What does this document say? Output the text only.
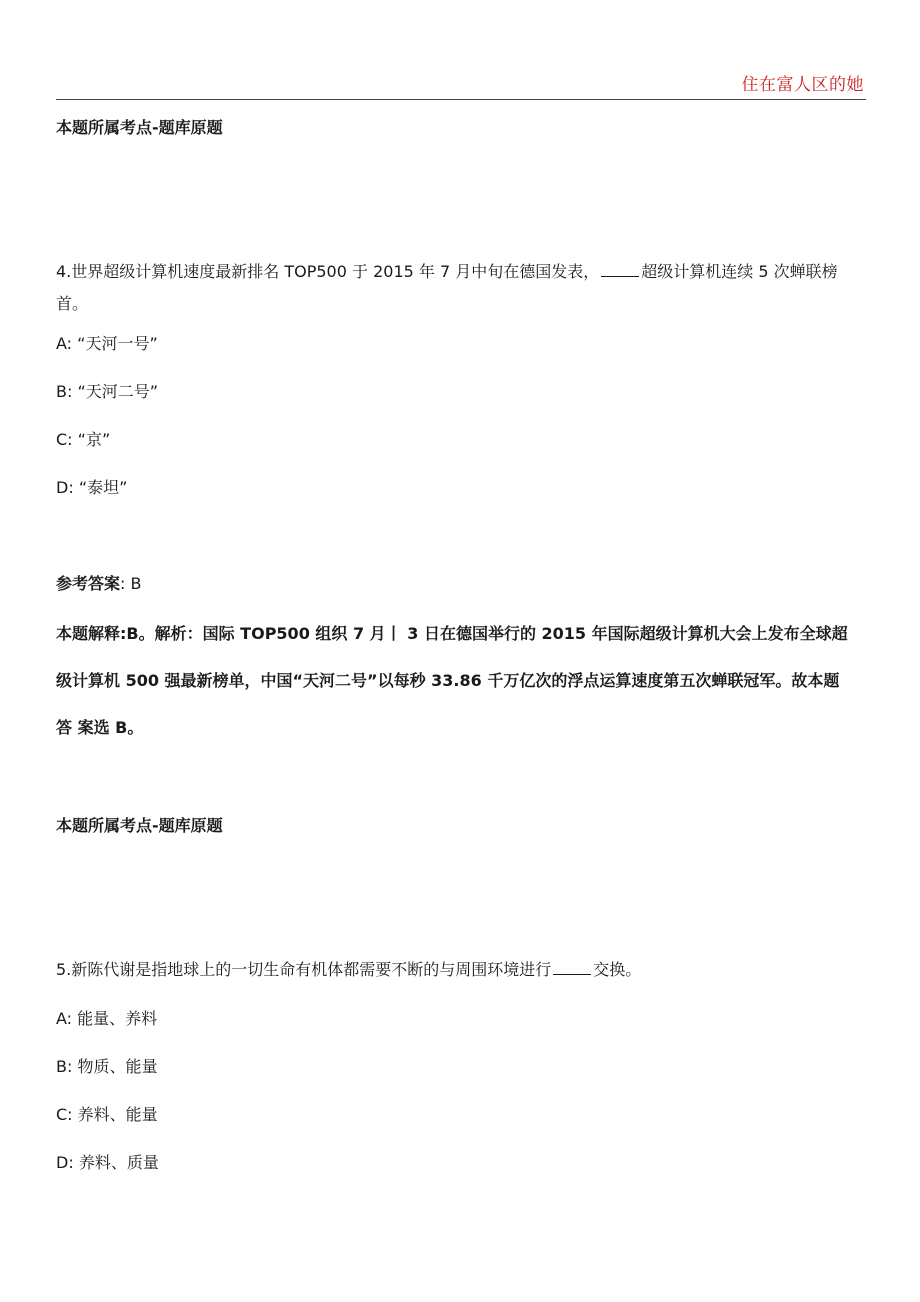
住在富人区的她
本题所属考点-题库原题
4.世界超级计算机速度最新排名 TOP500 于 2015 年 7 月中旬在德国发表，	超级计算机连续 5 次蝉联榜首。
A: “天河一号”
B: “天河二号”
C: “京”
D: “泰坦”
参考答案: B
本题解释:B。解析：国际 TOP500 组织 7 月丨 3 日在德国举行的 2015 年国际超级计算机大会上发布全球超 级计算机 500 强最新榜单，中国“天河二号”以每秒 33.86 千万亿次的浮点运算速度第五次蝉联冠军。故本题答 案选 B。
本题所属考点-题库原题
5.新陈代谢是指地球上的一切生命有机体都需要不断的与周围环境进行	交换。
A: 能量、养料
B: 物质、能量
C: 养料、能量
D: 养料、质量
